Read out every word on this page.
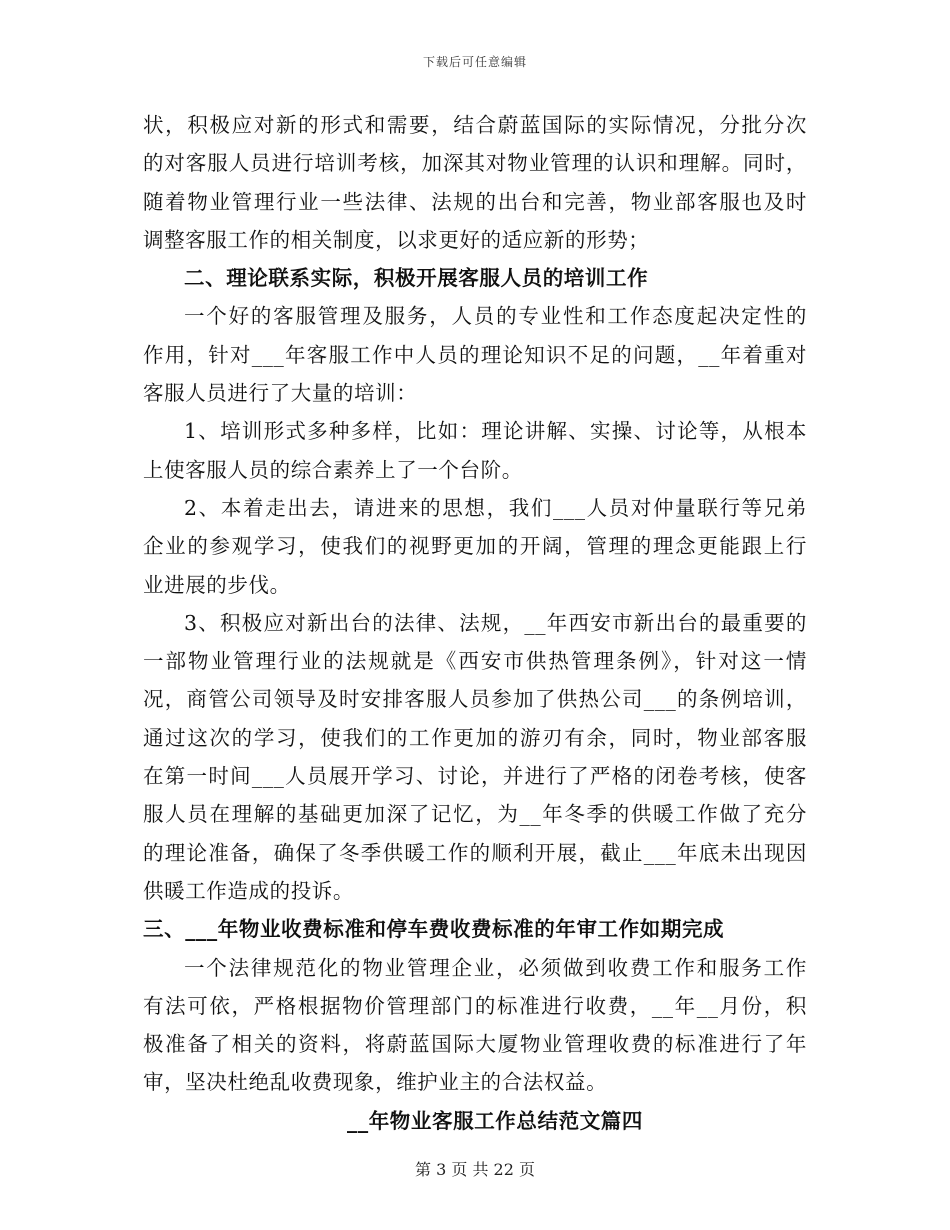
下载后可任意编辑
状，积极应对新的形式和需要，结合蔚蓝国际的实际情况，分批分次
的对客服人员进行培训考核，加深其对物业管理的认识和理解。同时，
随着物业管理行业一些法律、法规的出台和完善，物业部客服也及时
调整客服工作的相关制度，以求更好的适应新的形势；
二、理论联系实际，积极开展客服人员的培训工作
一个好的客服管理及服务，人员的专业性和工作态度起决定性的
作用，针对___年客服工作中人员的理论知识不足的问题，__年着重对
客服人员进行了大量的培训：
1、培训形式多种多样，比如：理论讲解、实操、讨论等，从根本
上使客服人员的综合素养上了一个台阶。
2、本着走出去，请进来的思想，我们___人员对仲量联行等兄弟
企业的参观学习，使我们的视野更加的开阔，管理的理念更能跟上行
业进展的步伐。
3、积极应对新出台的法律、法规，__年西安市新出台的最重要的
一部物业管理行业的法规就是《西安市供热管理条例》，针对这一情
况，商管公司领导及时安排客服人员参加了供热公司___的条例培训，
通过这次的学习，使我们的工作更加的游刃有余，同时，物业部客服
在第一时间___人员展开学习、讨论，并进行了严格的闭卷考核，使客
服人员在理解的基础更加深了记忆，为__年冬季的供暖工作做了充分
的理论准备，确保了冬季供暖工作的顺利开展，截止___年底未出现因
供暖工作造成的投诉。
三、___年物业收费标准和停车费收费标准的年审工作如期完成
一个法律规范化的物业管理企业，必须做到收费工作和服务工作
有法可依，严格根据物价管理部门的标准进行收费，__年__月份，积
极准备了相关的资料，将蔚蓝国际大厦物业管理收费的标准进行了年
审，坚决杜绝乱收费现象，维护业主的合法权益。
__年物业客服工作总结范文篇四
第 3 页 共 22 页
